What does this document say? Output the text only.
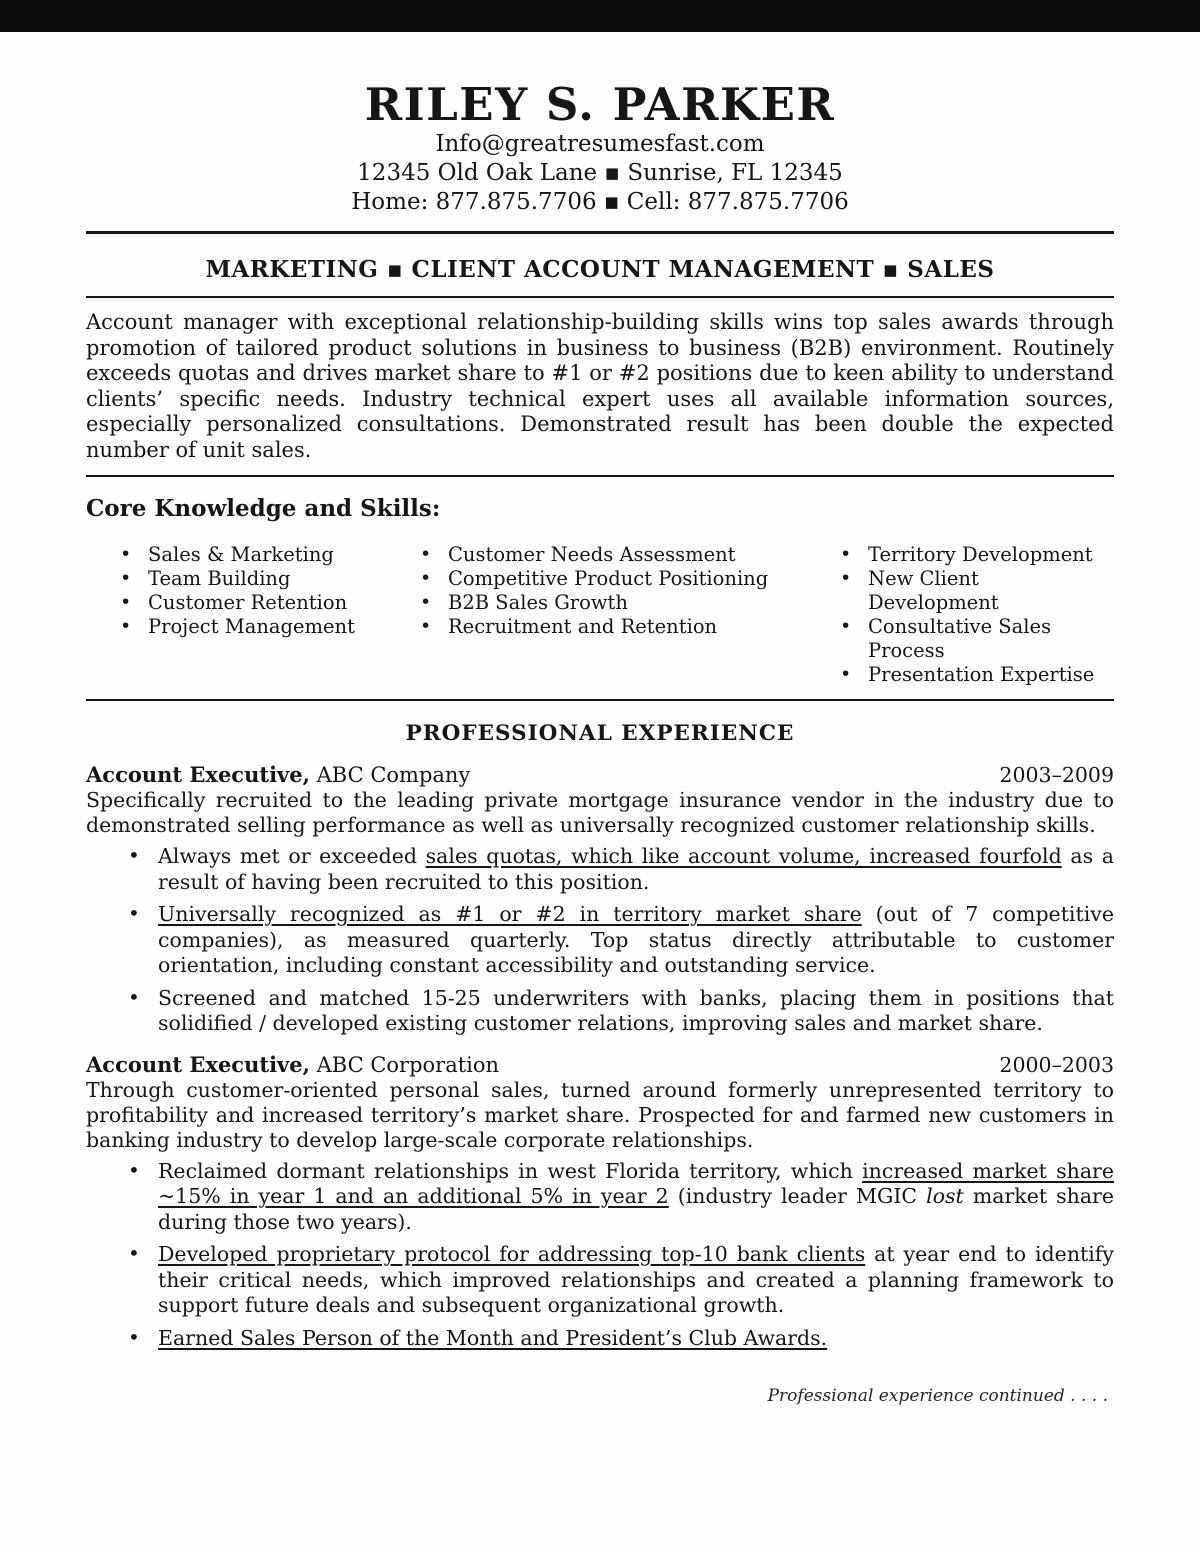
RILEY S. PARKER
Info@greatresumesfast.com
12345 Old Oak Lane ▪ Sunrise, FL 12345
Home: 877.875.7706 ▪ Cell: 877.875.7706
MARKETING ▪ CLIENT ACCOUNT MANAGEMENT ▪ SALES

Account manager with exceptional relationship-building skills wins top sales awards through promotion of tailored product solutions in business to business (B2B) environment. Routinely exceeds quotas and drives market share to #1 or #2 positions due to keen ability to understand clients’ specific needs. Industry technical expert uses all available information sources, especially personalized consultations. Demonstrated result has been double the expected number of unit sales.

Core Knowledge and Skills:
• Sales & Marketing
• Team Building
• Customer Retention
• Project Management
• Customer Needs Assessment
• Competitive Product Positioning
• B2B Sales Growth
• Recruitment and Retention
• Territory Development
• New Client Development
• Consultative Sales Process
• Presentation Expertise
PROFESSIONAL EXPERIENCE
Account Executive, ABC Company	2003–2009

Specifically recruited to the leading private mortgage insurance vendor in the industry due to demonstrated selling performance as well as universally recognized customer relationship skills.

• Always met or exceeded sales quotas, which like account volume, increased fourfold as a result of having been recruited to this position.
• Universally recognized as #1 or #2 in territory market share (out of 7 competitive companies), as measured quarterly. Top status directly attributable to customer orientation, including constant accessibility and outstanding service.
• Screened and matched 15-25 underwriters with banks, placing them in positions that solidified / developed existing customer relations, improving sales and market share.
Account Executive, ABC Corporation	2000–2003

Through customer-oriented personal sales, turned around formerly unrepresented territory to profitability and increased territory’s market share. Prospected for and farmed new customers in banking industry to develop large-scale corporate relationships.

• Reclaimed dormant relationships in west Florida territory, which increased market share ~15% in year 1 and an additional 5% in year 2 (industry leader MGIC lost market share during those two years).
• Developed proprietary protocol for addressing top-10 bank clients at year end to identify their critical needs, which improved relationships and created a planning framework to support future deals and subsequent organizational growth.
• Earned Sales Person of the Month and President’s Club Awards.
Professional experience continued . . . .
